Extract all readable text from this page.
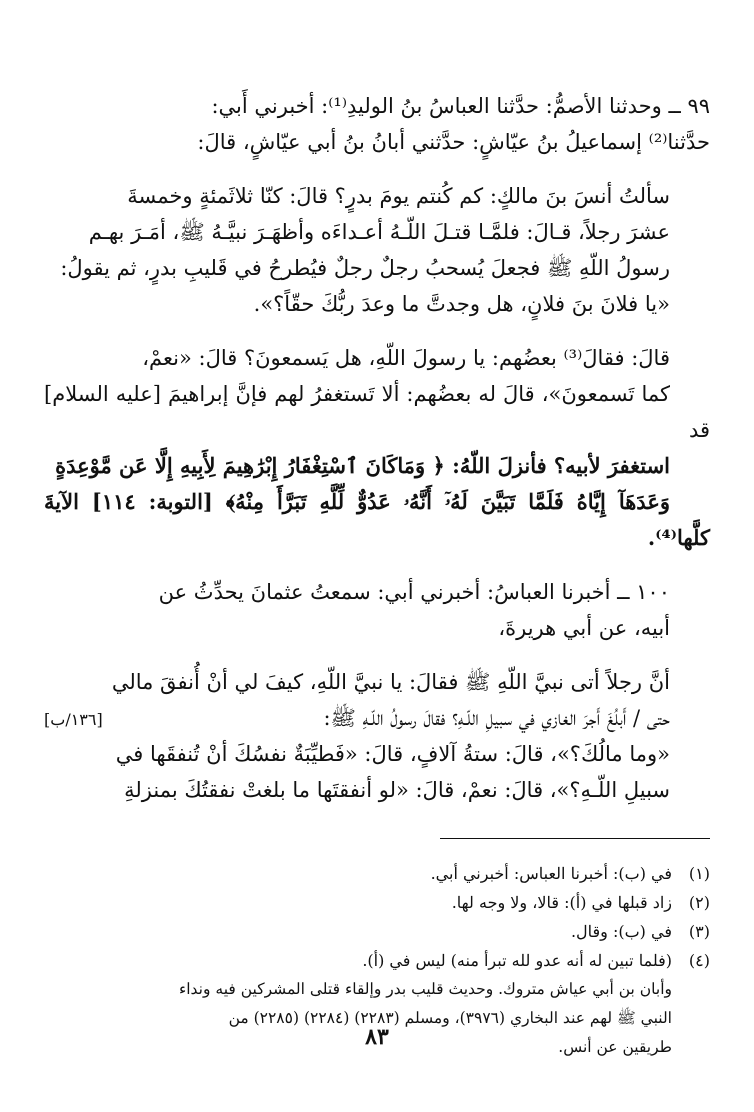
٩٩ ــ وحدثنا الأصمُّ: حدَّثنا العباسُ بنُ الوليدِ⁽¹⁾: أخبرني أَبي:
حدَّثنا⁽²⁾ إسماعيلُ بنُ عيّاشٍ: حدَّثني أبانُ بنُ أبي عيّاشٍ، قالَ:
سألتُ أنسَ بنَ مالكٍ: كم كُنتم يومَ بدرٍ؟ قالَ: كنّا ثلاثَمئةٍ وخمسةَ
عشرَ رجلاً، قـالَ: فلمَّـا قتـلَ اللّـهُ أعـداءَه وأظهَـرَ نبيَّـهُ ﷺ، أمَـرَ بهـم
رسولُ اللّهِ ﷺ فجعلَ يُسحبُ رجلٌ رجلٌ فيُطرحُ في قَليبِ بدرٍ، ثم يقولُ:
«يا فلانَ بنَ فلانٍ، هل وجدتَّ ما وعدَ ربُّكَ حقّاً؟».
قالَ: فقالَ⁽³⁾ بعضُهم: يا رسولَ اللّهِ، هل يَسمعونَ؟ قالَ: «نعمْ،
كما تَسمعونَ»، قالَ له بعضُهم: ألا تَستغفرُ لهم فإنَّ إبراهيمَ [عليه السلام] قد
استغفرَ لأبيه؟ فأنزلَ اللّهُ: ﴿ وَمَاكَانَ ٱسْتِغْفَارُ إِبْرَٰهِيمَ لِأَبِيهِ إِلَّا عَن مَّوْعِدَةٍ
وَعَدَهَآ إِيَّاهُ فَلَمَّا تَبَيَّنَ لَهُۥٓ أَنَّهُۥ عَدُوٌّ لِّلَّهِ تَبَرَّأَ مِنْهُ﴾ [التوبة: ١١٤] الآيةَ كلَّها⁽⁴⁾.
١٠٠ ــ أخبرنا العباسُ: أخبرني أبي: سمعتُ عثمانَ يحدِّثُ عن
أبيه، عن أبي هريرةَ،
أنَّ رجلاً أتى نبيَّ اللّهِ ﷺ فقالَ: يا نبيَّ اللّهِ، كيفَ لي أنْ أُنفقَ مالي
حتى / أَبلُغَ أَجرَ الغازي في سبيلِ اللّـهِ؟ فقالَ رسولُ اللّـهِ ﷺ:
«وما مالُكَ؟»، قالَ: ستةُ آلافٍ، قالَ: «فَطيِّبَةٌ نفسُكَ أنْ تُنفقَها في
سبيلِ اللّـهِ؟»، قالَ: نعمْ، قالَ: «لو أنفقتَها ما بلغتْ نفقتُكَ بمنزلةِ
[١٣٦/ب]
(١)
في (ب): أخبرنا العباس: أخبرني أبي.
(٢)
زاد قبلها في (أ): قالا، ولا وجه لها.
(٣)
في (ب): وقال.
(٤)
(فلما تبين له أنه عدو لله تبرأ منه) ليس في (أ).
وأبان بن أبي عياش متروك. وحديث قليب بدر وإلقاء قتلى المشركين فيه ونداء
النبي ﷺ لهم عند البخاري (٣٩٧٦)، ومسلم (٢٢٨٣) (٢٢٨٤) (٢٢٨٥) من
طريقين عن أنس.
٨٣
